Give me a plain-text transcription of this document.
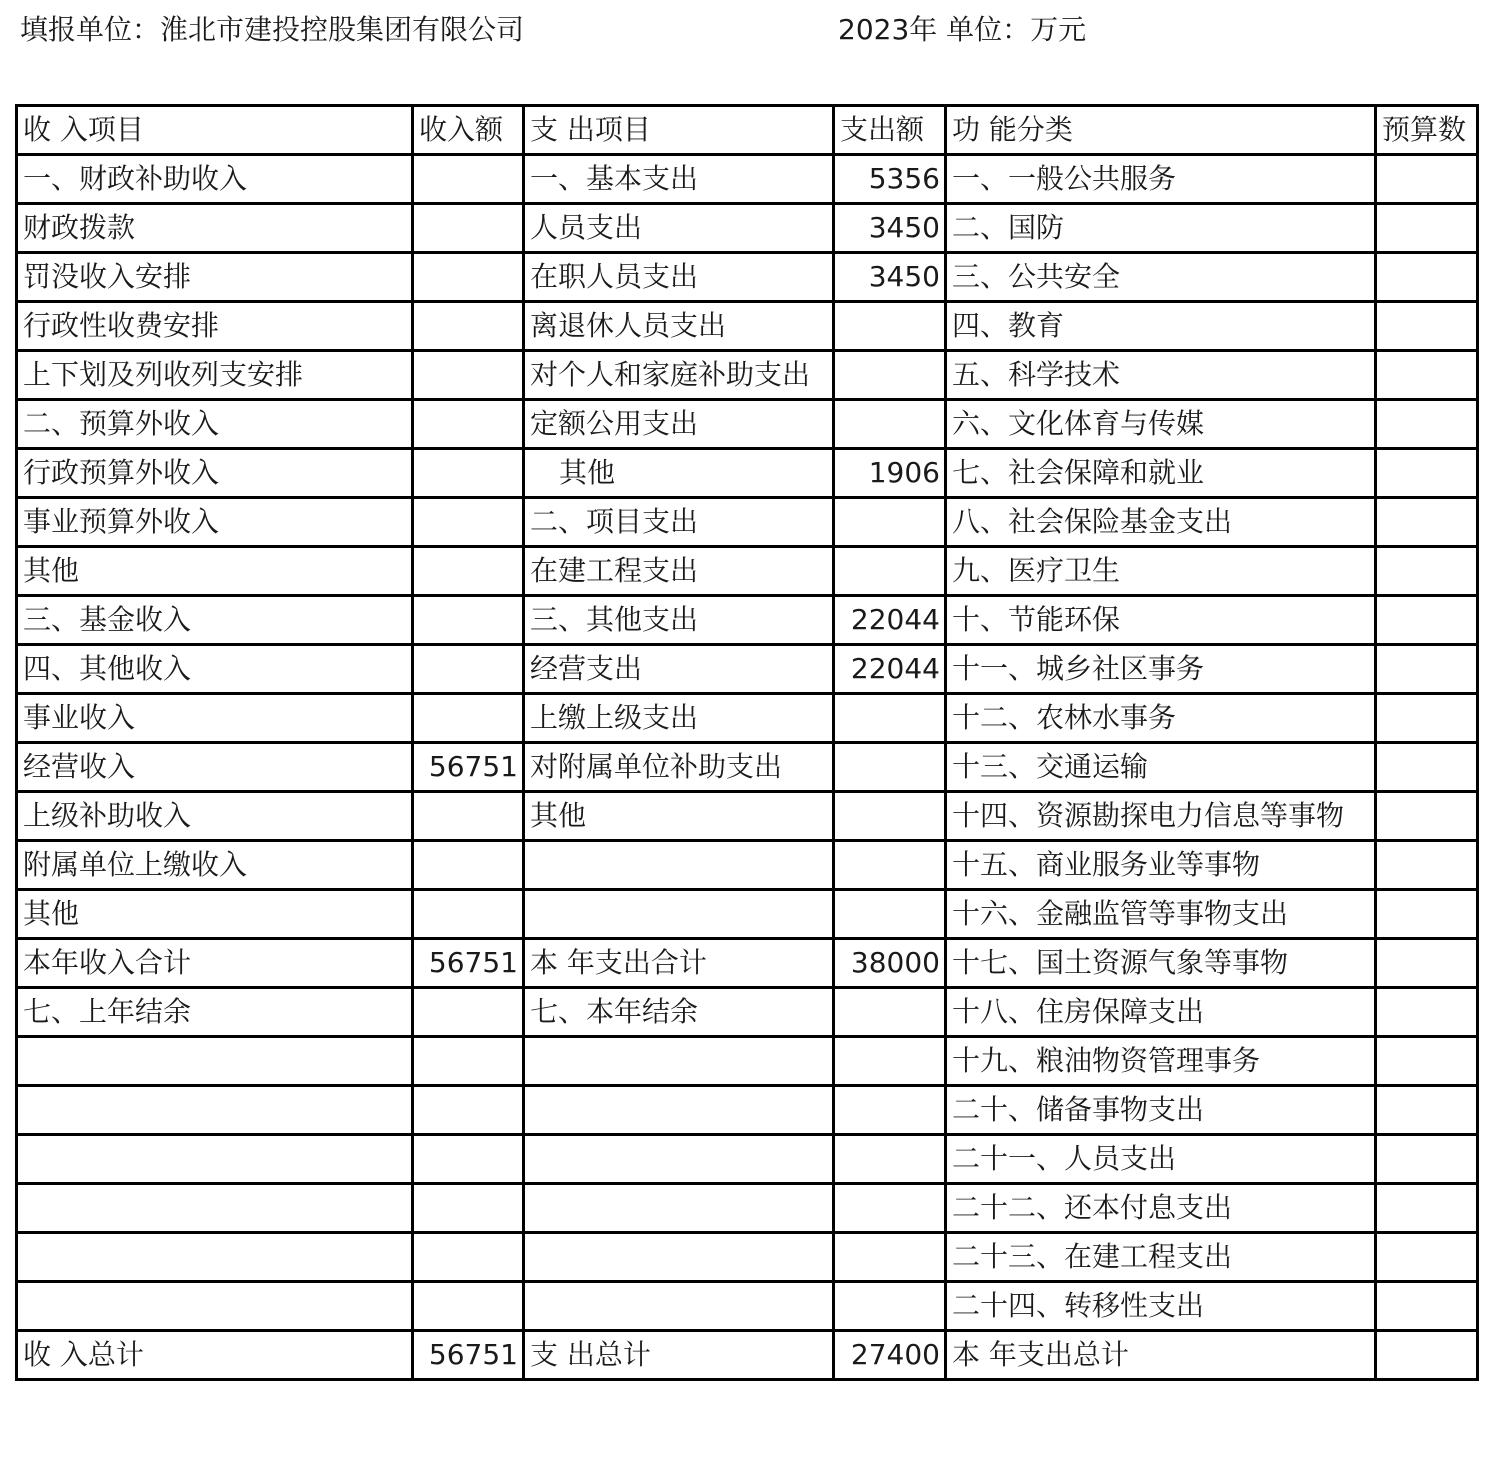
填报单位：淮北市建投控股集团有限公司	2023年 单位：万元
收 入项目	收入额	支 出项目	支出额	功 能分类	预算数
一、财政补助收入		一、基本支出	5356	一、一般公共服务	
财政拨款		人员支出	3450	二、国防	
罚没收入安排		在职人员支出	3450	三、公共安全	
行政性收费安排		离退休人员支出		四、教育	
上下划及列收列支安排		对个人和家庭补助支出		五、科学技术	
二、预算外收入		定额公用支出		六、文化体育与传媒	
行政预算外收入		其他	1906	七、社会保障和就业	
事业预算外收入		二、项目支出		八、社会保险基金支出	
其他		在建工程支出		九、医疗卫生	
三、基金收入		三、其他支出	22044	十、节能环保	
四、其他收入		经营支出	22044	十一、城乡社区事务	
事业收入		上缴上级支出		十二、农林水事务	
经营收入	56751	对附属单位补助支出		十三、交通运输	
上级补助收入		其他		十四、资源勘探电力信息等事物	
附属单位上缴收入				十五、商业服务业等事物	
其他				十六、金融监管等事物支出	
本年收入合计	56751	本 年支出合计	38000	十七、国土资源气象等事物	
七、上年结余		七、本年结余		十八、住房保障支出	
				十九、粮油物资管理事务	
				二十、储备事物支出	
				二十一、人员支出	
				二十二、还本付息支出	
				二十三、在建工程支出	
				二十四、转移性支出	
收 入总计	56751	支 出总计	27400	本 年支出总计	
